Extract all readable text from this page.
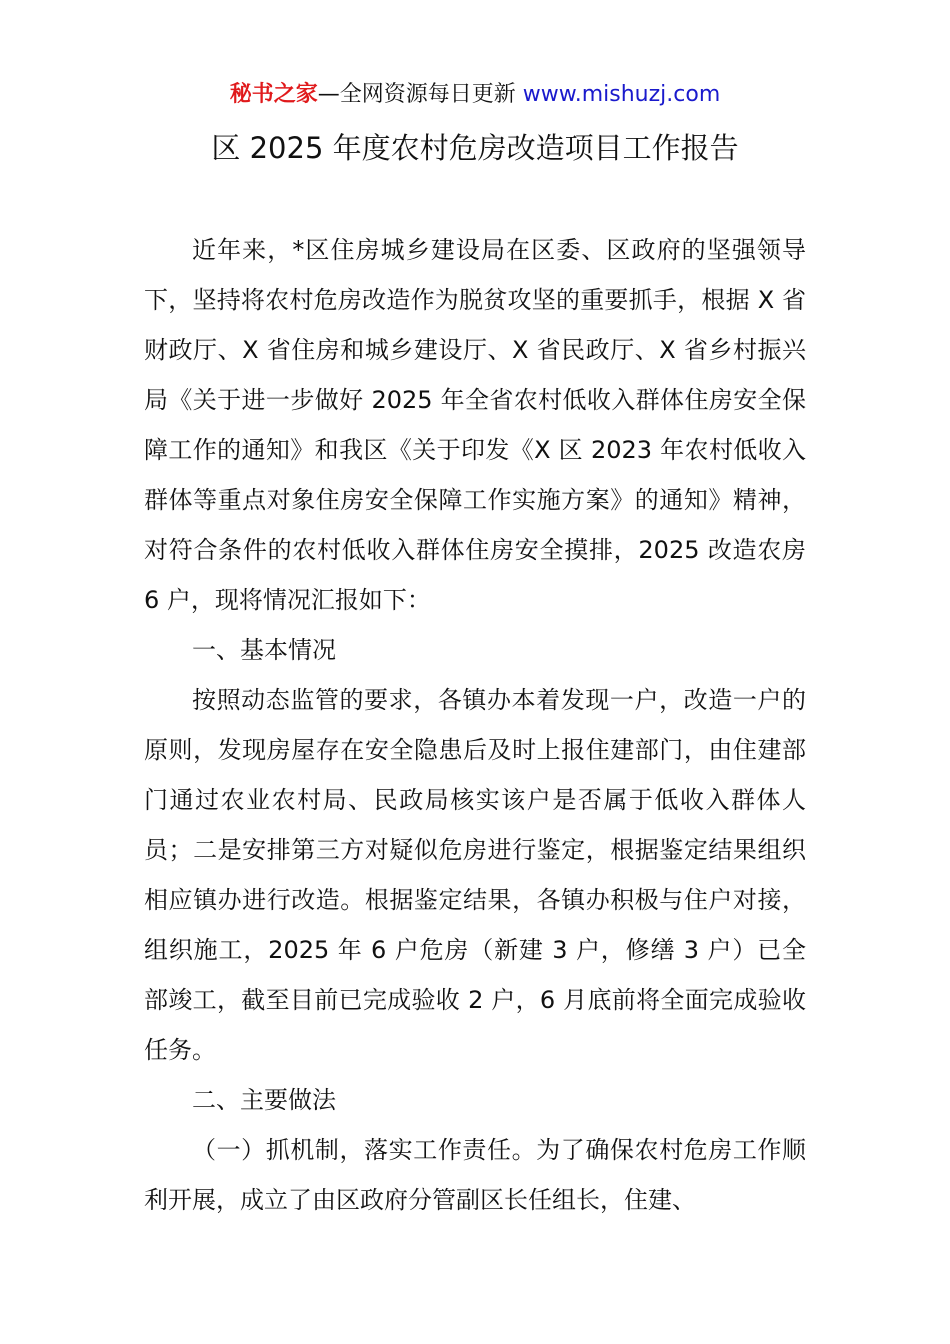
秘书之家—全网资源每日更新 www.mishuzj.com
区 2025 年度农村危房改造项目工作报告

近年来，*区住房城乡建设局在区委、区政府的坚强领导下，坚持将农村危房改造作为脱贫攻坚的重要抓手，根据 X 省财政厅、X 省住房和城乡建设厅、X 省民政厅、X 省乡村振兴局《关于进一步做好 2025 年全省农村低收入群体住房安全保障工作的通知》和我区《关于印发《X 区 2023 年农村低收入群体等重点对象住房安全保障工作实施方案》的通知》精神，对符合条件的农村低收入群体住房安全摸排，2025 改造农房 6 户，现将情况汇报如下：

一、基本情况

按照动态监管的要求，各镇办本着发现一户，改造一户的原则，发现房屋存在安全隐患后及时上报住建部门，由住建部门通过农业农村局、民政局核实该户是否属于低收入群体人员；二是安排第三方对疑似危房进行鉴定，根据鉴定结果组织相应镇办进行改造。根据鉴定结果，各镇办积极与住户对接，组织施工，2025 年 6 户危房（新建 3 户，修缮 3 户）已全部竣工，截至目前已完成验收 2 户，6 月底前将全面完成验收任务。

二、主要做法

（一）抓机制，落实工作责任。为了确保农村危房工作顺利开展，成立了由区政府分管副区长任组长，住建、
